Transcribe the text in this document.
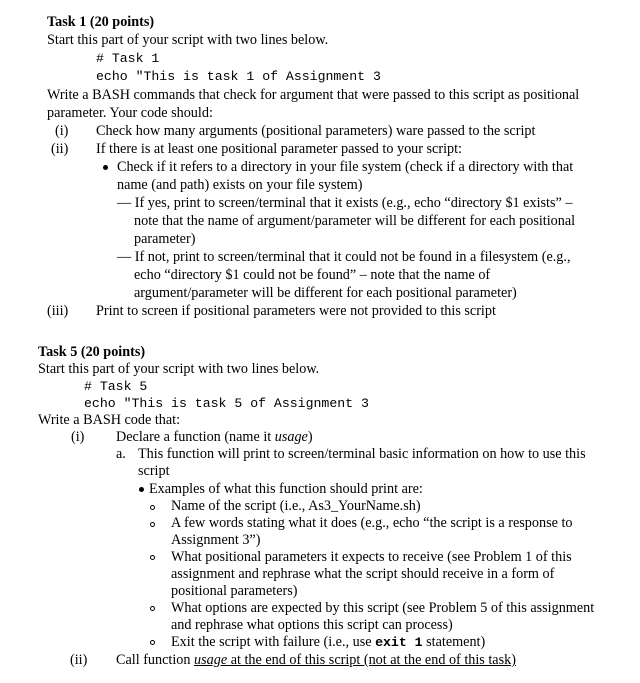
Task 1 (20 points)
Start this part of your script with two lines below.
# Task 1
echo "This is task 1 of Assignment 3
Write a BASH commands that check for argument that were passed to this script as positional
parameter. Your code should:
(i) Check how many arguments (positional parameters) ware passed to the script
(ii) If there is at least one positional parameter passed to your script:
Check if it refers to a directory in your file system (check if a directory with that
name (and path) exists on your file system)
— If yes, print to screen/terminal that it exists (e.g., echo “directory $1 exists” –
note that the name of argument/parameter will be different for each positional
parameter)
— If not, print to screen/terminal that it could not be found in a filesystem (e.g.,
echo “directory $1 could not be found” – note that the name of
argument/parameter will be different for each positional parameter)
(iii) Print to screen if positional parameters were not provided to this script
Task 5 (20 points)
Start this part of your script with two lines below.
# Task 5
echo "This is task 5 of Assignment 3
Write a BASH code that:
(i) Declare a function (name it usage)
a. This function will print to screen/terminal basic information on how to use this
script
Examples of what this function should print are:
Name of the script (i.e., As3_YourName.sh)
A few words stating what it does (e.g., echo “the script is a response to
Assignment 3”)
What positional parameters it expects to receive (see Problem 1 of this
assignment and rephrase what the script should receive in a form of
positional parameters)
What options are expected by this script (see Problem 5 of this assignment
and rephrase what options this script can process)
Exit the script with failure (i.e., use exit 1 statement)
(ii) Call function usage at the end of this script (not at the end of this task)
